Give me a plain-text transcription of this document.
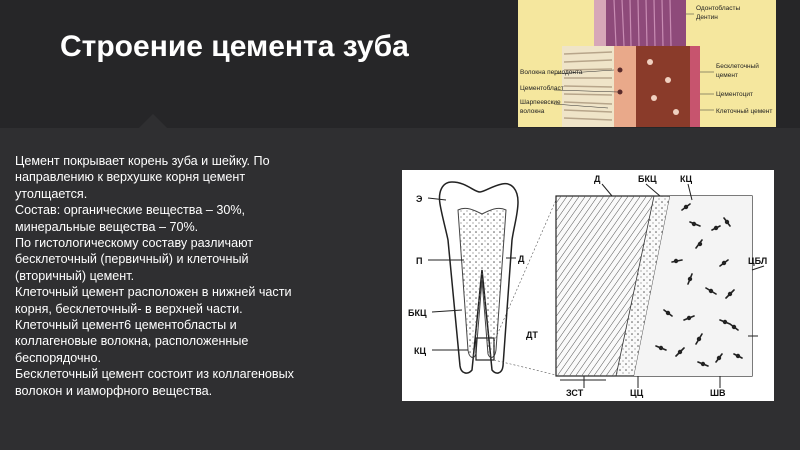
Строение цемента зуба
Цемент покрывает корень зуба и шейку. По
направлению к верхушке корня цемент
утолщается.
Состав: органические вещества – 30%,
минеральные вещества – 70%.
По гистологическому составу различают
бесклеточный (первичный) и клеточный
(вторичный) цемент.
Клеточный цемент расположен в нижней части
корня, бесклеточный- в верхней части.
Клеточный цемент6 цементобласты и
коллагеновые волокна, расположенные
беспорядочно.
Бесклеточный цемент состоит из коллагеновых
волокон и иаморфного вещества.
Одонтобласты
Дентин
Волокна периодонта
Цементобласт
Шарпеевские
волокна
Бесклеточный
цемент
Цементоцит
Клеточный цемент
Э
П	Д
БКЦ
КЦ
Д	БКЦ	КЦ
ЦБЛ
ДТ
ЗСТ	ЦЦ	ШВ
